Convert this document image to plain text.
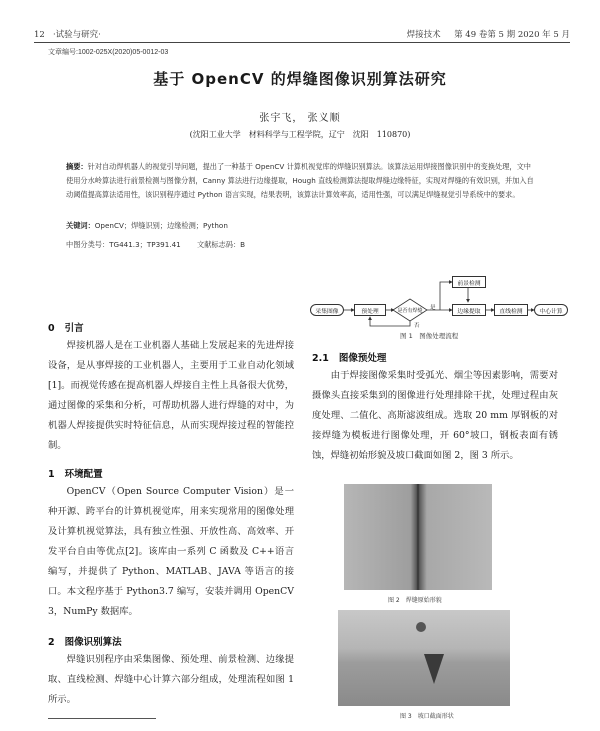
12 ·试验与研究·	焊接技术 第 49 卷第 5 期 2020 年 5 月
文章编号:1002-025X(2020)05-0012-03
基于 OpenCV 的焊缝图像识别算法研究
张宇飞， 张义顺
(沈阳工业大学　材料科学与工程学院，辽宁　沈阳　110870)
摘要：针对自动焊机器人的视觉引导问题，提出了一种基于 OpenCV 计算机视觉库的焊缝识别算法。该算法运用焊接图像识别中的变换处理，文中使用分水岭算法进行前景检测与图像分割，Canny 算法进行边缘提取，Hough 直线检测算法提取焊缝边缘特征，实现对焊缝的有效识别，并加入自动阈值提高算法适用性，该识别程序通过 Python 语言实现，结果表明，该算法计算效率高，适用性强，可以满足焊缝视觉引导系统中的要求。
关键词：OpenCV；焊缝识别；边缘检测；Python
中图分类号：TG441.3；TP391.41 文献标志码：B
0 引言
焊接机器人是在工业机器人基础上发展起来的先进焊接设备，是从事焊接的工业机器人，主要用于工业自动化领域[1]。而视觉传感在提高机器人焊接自主性上具备很大优势，通过图像的采集和分析，可帮助机器人进行焊缝的对中，为机器人焊接提供实时特征信息，从而实现焊接过程的智能控制。
1 环境配置
OpenCV（Open Source Computer Vision）是一种开源、跨平台的计算机视觉库，用来实现常用的图像处理及计算机视觉算法，具有独立性强、开放性高、高效率、开发平台自由等优点[2]。该库由一系列 C 函数及 C++语言编写，并提供了 Python、MATLAB、JAVA 等语言的接口。本文程序基于 Python3.7 编写，安装并调用 OpenCV 3，NumPy 数据库。
2 图像识别算法
焊缝识别程序由采集图像、预处理、前景检测、边缘提取、直线检测、焊缝中心计算六部分组成，处理流程如图 1 所示。
采集图像	预处理	是否有焊缝
前景检测
边缘提取	直线检测	中心计算
是
否
图 1　图像处理流程
2.1 图像预处理
由于焊接图像采集时受弧光、烟尘等因素影响，需要对摄像头直接采集到的图像进行处理排除干扰，处理过程由灰度处理、二值化、高斯滤波组成。选取 20 mm 厚钢板的对接焊缝为模板进行图像处理，开 60°坡口，钢板表面有锈蚀，焊缝初始形貌及坡口截面如图 2，图 3 所示。
图 2　焊缝原始形貌
图 3　坡口截面形状
